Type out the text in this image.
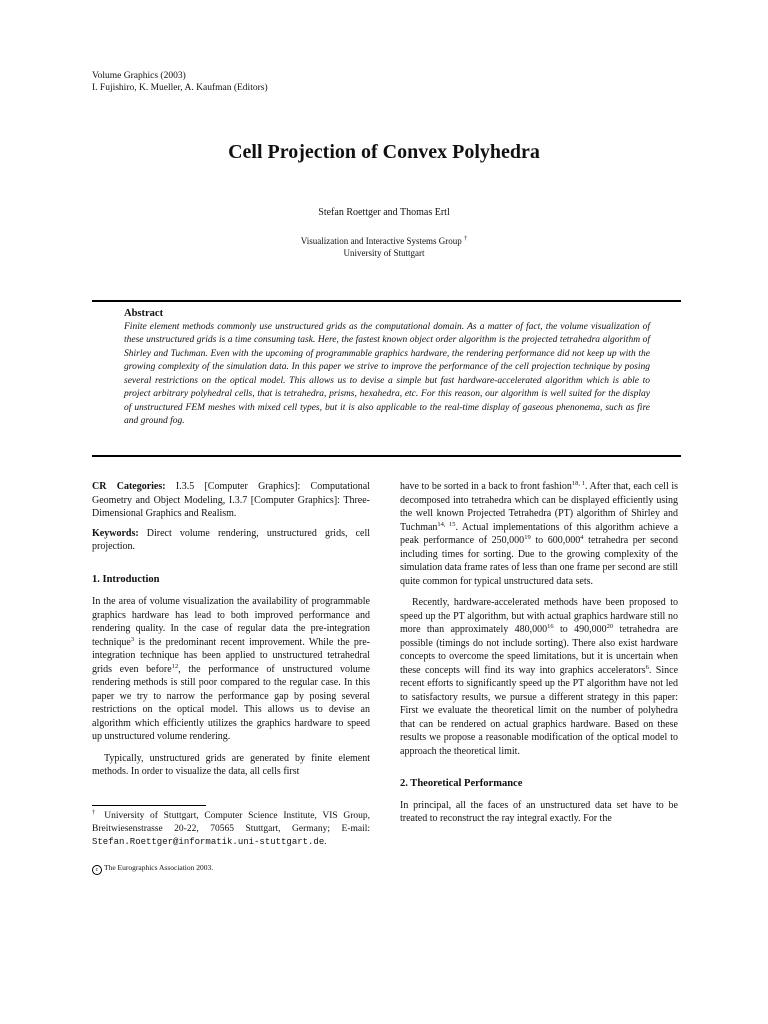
Volume Graphics (2003)
I. Fujishiro, K. Mueller, A. Kaufman (Editors)
Cell Projection of Convex Polyhedra
Stefan Roettger and Thomas Ertl
Visualization and Interactive Systems Group †
University of Stuttgart
Abstract
Finite element methods commonly use unstructured grids as the computational domain. As a matter of fact, the volume visualization of these unstructured grids is a time consuming task. Here, the fastest known object order algorithm is the projected tetrahedra algorithm of Shirley and Tuchman. Even with the upcoming of programmable graphics hardware, the rendering performance did not keep up with the growing complexity of the simulation data. In this paper we strive to improve the performance of the cell projection technique by posing several restrictions on the optical model. This allows us to devise a simple but fast hardware-accelerated algorithm which is able to project arbitrary polyhedral cells, that is tetrahedra, prisms, hexahedra, etc. For this reason, our algorithm is well suited for the display of unstructured FEM meshes with mixed cell types, but it is also applicable to the real-time display of gaseous phenonema, such as fire and ground fog.

CR Categories: I.3.5 [Computer Graphics]: Computational Geometry and Object Modeling, I.3.7 [Computer Graphics]: Three-Dimensional Graphics and Realism.

Keywords: Direct volume rendering, unstructured grids, cell projection.

1. Introduction

In the area of volume visualization the availability of programmable graphics hardware has lead to both improved performance and rendering quality. In the case of regular data the pre-integration technique$^3$ is the predominant recent improvement. While the pre-integration technique has been applied to unstructured tetrahedral grids even before$^{12}$, the performance of unstructured volume rendering methods is still poor compared to the regular case. In this paper we try to narrow the performance gap by posing several restrictions on the optical model. This allows us to devise an algorithm which efficiently utilizes the graphics hardware to speed up unstructured volume rendering.

Typically, unstructured grids are generated by finite element methods. In order to visualize the data, all cells first

† University of Stuttgart, Computer Science Institute, VIS Group, Breitwiesenstrasse 20-22, 70565 Stuttgart, Germany; E-mail: Stefan.Roettger@informatik.uni-stuttgart.de.
c The Eurographics Association 2003.

have to be sorted in a back to front fashion$^{18, 1}$. After that, each cell is decomposed into tetrahedra which can be displayed efficiently using the well known Projected Tetrahedra (PT) algorithm of Shirley and Tuchman$^{14, 15}$. Actual implementations of this algorithm achieve a peak performance of 250,000$^{19}$ to 600,000$^4$ tetrahedra per second including times for sorting. Due to the growing complexity of the simulation data frame rates of less than one frame per second are still quite common for typical unstructured data sets.

Recently, hardware-accelerated methods have been proposed to speed up the PT algorithm, but with actual graphics hardware still no more than approximately 480,000$^{16}$ to 490,000$^{20}$ tetrahedra are possible (timings do not include sorting). There also exist hardware concepts to overcome the speed limitations, but it is uncertain when these concepts will find its way into graphics accelerators$^6$. Since recent efforts to significantly speed up the PT algorithm have not led to satisfactory results, we pursue a different strategy in this paper: First we evaluate the theoretical limit on the number of polyhedra that can be rendered on actual graphics hardware. Based on these results we propose a reasonable modification of the optical model to approach the theoretical limit.

2. Theoretical Performance

In principal, all the faces of an unstructured data set have to be treated to reconstruct the ray integral exactly. For the
